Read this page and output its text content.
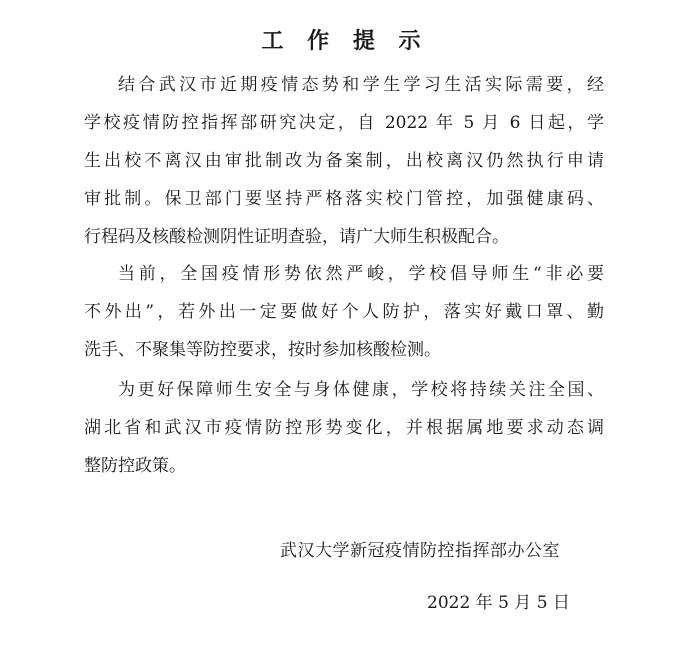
工 作 提 示
结合武汉市近期疫情态势和学生学习生活实际需要，经
学校疫情防控指挥部研究决定，自 2022 年 5 月 6 日起，学
生出校不离汉由审批制改为备案制，出校离汉仍然执行申请
审批制。保卫部门要坚持严格落实校门管控，加强健康码、
行程码及核酸检测阴性证明查验，请广大师生积极配合。
当前，全国疫情形势依然严峻，学校倡导师生“非必要
不外出”，若外出一定要做好个人防护，落实好戴口罩、勤
洗手、不聚集等防控要求，按时参加核酸检测。
为更好保障师生安全与身体健康，学校将持续关注全国、
湖北省和武汉市疫情防控形势变化，并根据属地要求动态调
整防控政策。
武汉大学新冠疫情防控指挥部办公室
2022 年 5 月 5 日
